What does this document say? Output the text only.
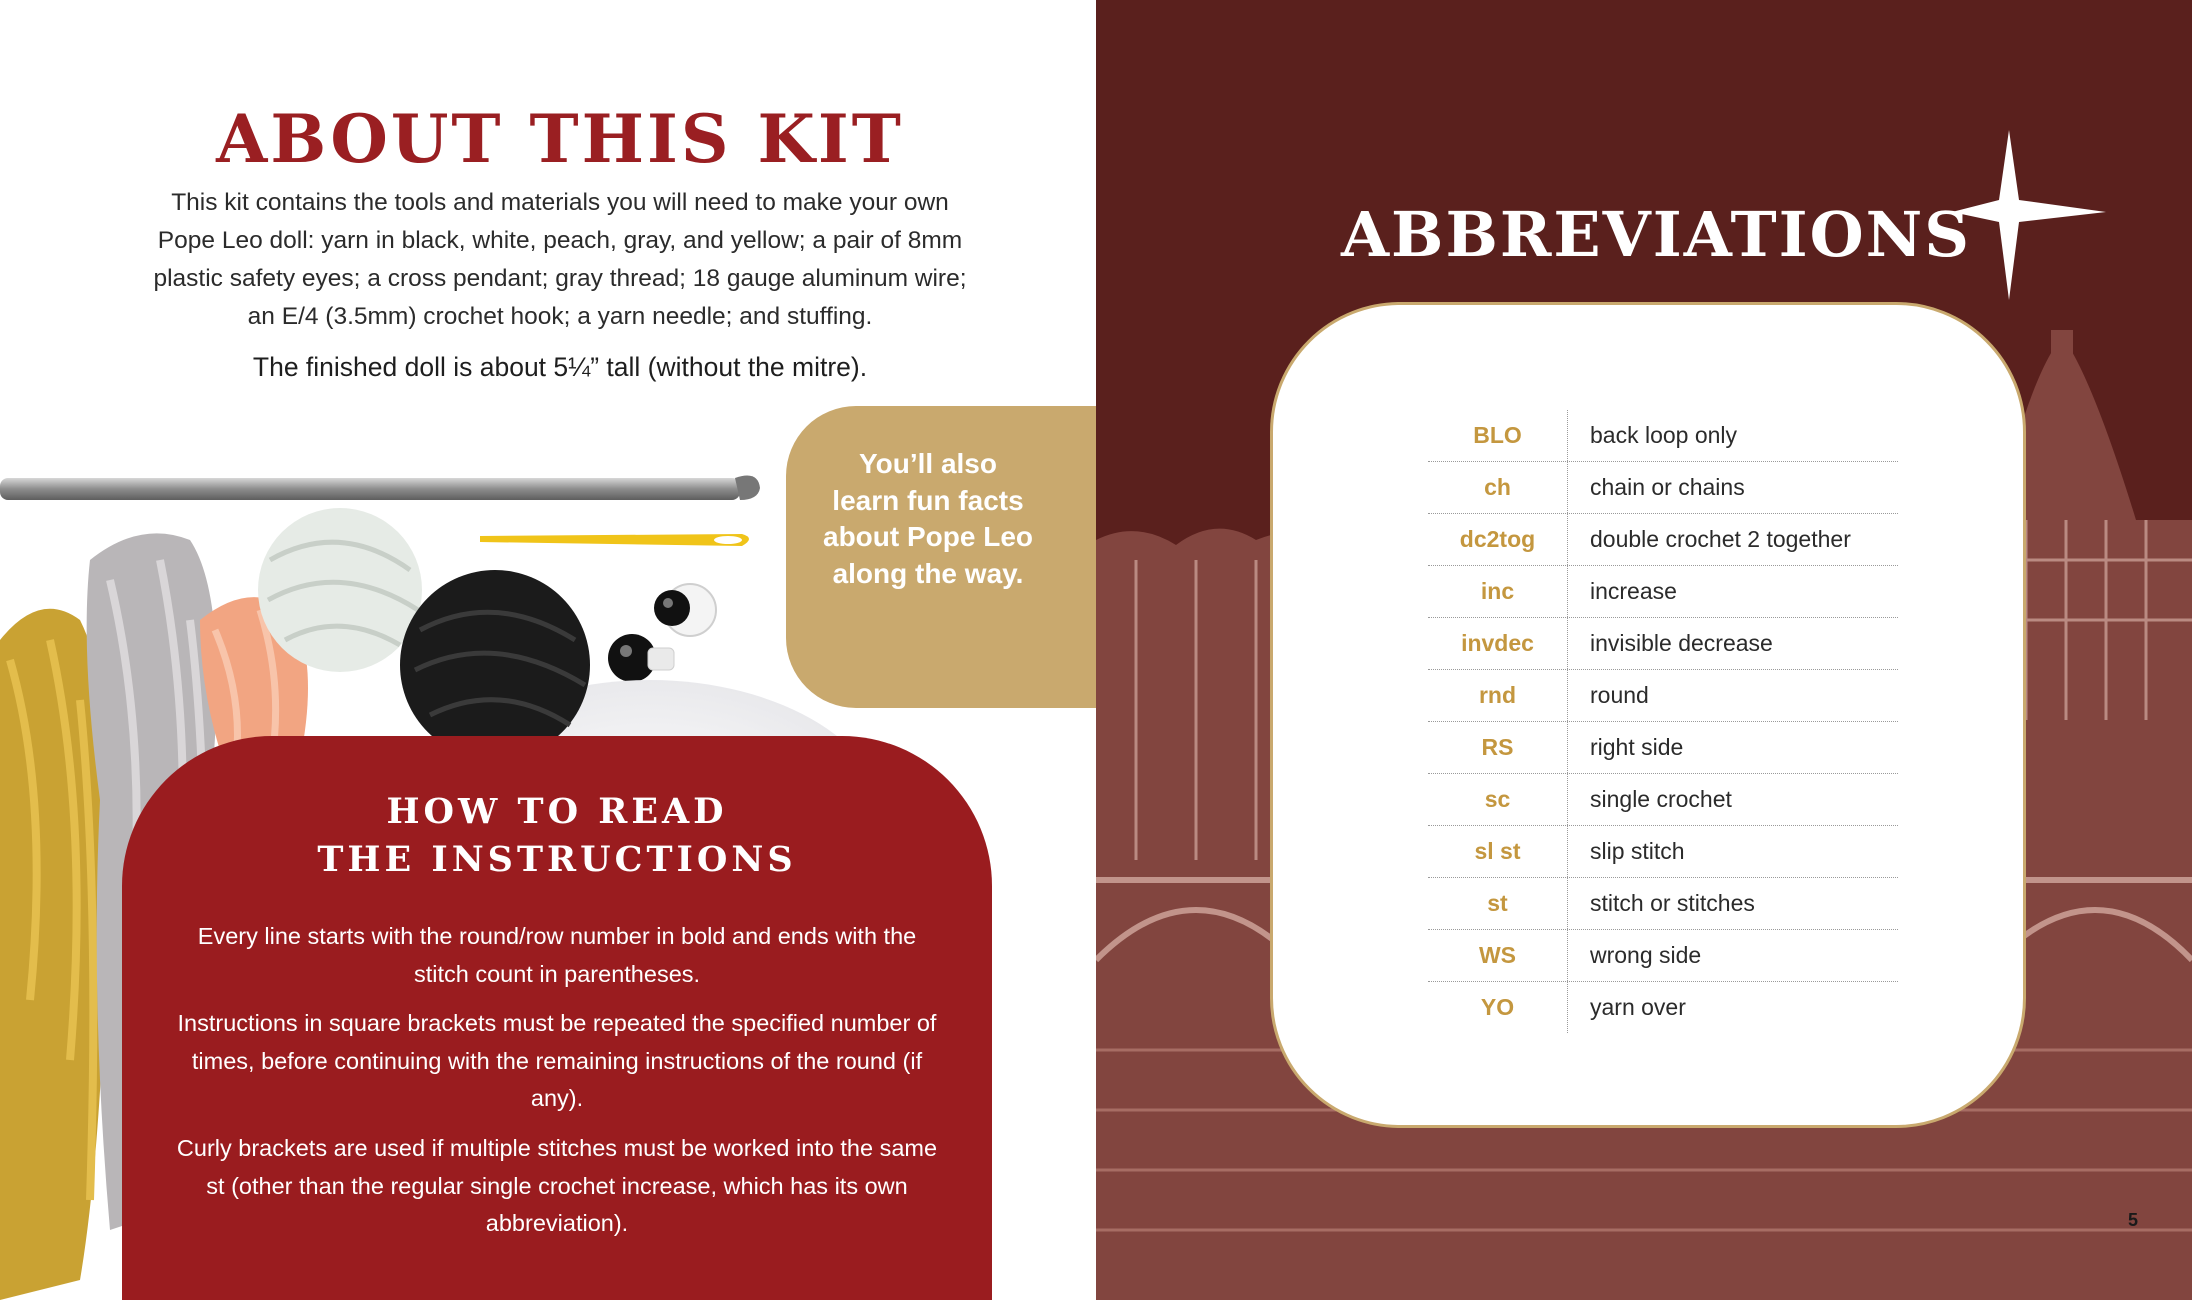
ABOUT THIS KIT

This kit contains the tools and materials you will need to make your own Pope Leo doll: yarn in black, white, peach, gray, and yellow; a pair of 8mm plastic safety eyes; a cross pendant; gray thread; 18 gauge aluminum wire; an E/4 (3.5mm) crochet hook; a yarn needle; and stuffing.

The finished doll is about 5¼” tall (without the mitre).

You’ll also learn fun facts about Pope Leo along the way.

HOW TO READ
THE INSTRUCTIONS

Every line starts with the round/row number in bold and ends with the stitch count in parentheses.

Instructions in square brackets must be repeated the specified number of times, before continuing with the remaining instructions of the round (if any).

Curly brackets are used if multiple stitches must be worked into the same st (other than the regular single crochet increase, which has its own abbreviation).

ABBREVIATIONS
BLO	back loop only
ch	chain or chains
dc2tog	double crochet 2 together
inc	increase
invdec	invisible decrease
rnd	round
RS	right side
sc	single crochet
sl st	slip stitch
st	stitch or stitches
WS	wrong side
YO	yarn over
5
